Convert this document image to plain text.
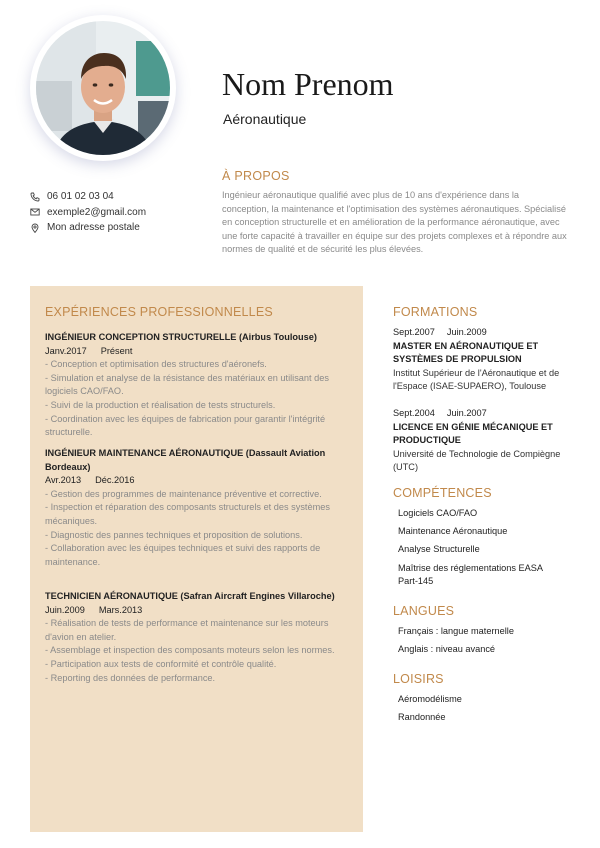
Nom Prenom
Aéronautique
06 01 02 03 04
exemple2@gmail.com
Mon adresse postale
À PROPOS
Ingénieur aéronautique qualifié avec plus de 10 ans d'expérience dans la conception, la maintenance et l'optimisation des systèmes aéronautiques. Spécialisé en conception structurelle et en amélioration de la performance aéronautique, avec une forte capacité à travailler en équipe sur des projets complexes et à répondre aux normes de qualité et de sécurité les plus élevées.
EXPÉRIENCES PROFESSIONNELLES
INGÉNIEUR CONCEPTION STRUCTURELLE (Airbus Toulouse)
Janv.2017 Présent
- Conception et optimisation des structures d'aéronefs.
- Simulation et analyse de la résistance des matériaux en utilisant des logiciels CAO/FAO.
- Suivi de la production et réalisation de tests structurels.
- Coordination avec les équipes de fabrication pour garantir l'intégrité structurelle.
INGÉNIEUR MAINTENANCE AÉRONAUTIQUE (Dassault Aviation Bordeaux)
Avr.2013 Déc.2016
- Gestion des programmes de maintenance préventive et corrective.
- Inspection et réparation des composants structurels et des systèmes mécaniques.
- Diagnostic des pannes techniques et proposition de solutions.
- Collaboration avec les équipes techniques et suivi des rapports de maintenance.
TECHNICIEN AÉRONAUTIQUE (Safran Aircraft Engines Villaroche)
Juin.2009 Mars.2013
- Réalisation de tests de performance et maintenance sur les moteurs d'avion en atelier.
- Assemblage et inspection des composants moteurs selon les normes.
- Participation aux tests de conformité et contrôle qualité.
- Reporting des données de performance.
FORMATIONS
Sept.2007 Juin.2009
MASTER EN AÉRONAUTIQUE ET SYSTÈMES DE PROPULSION
Institut Supérieur de l'Aéronautique et de l'Espace (ISAE-SUPAERO), Toulouse
Sept.2004 Juin.2007
LICENCE EN GÉNIE MÉCANIQUE ET PRODUCTIQUE
Université de Technologie de Compiègne (UTC)
COMPÉTENCES
Logiciels CAO/FAO
Maintenance Aéronautique
Analyse Structurelle
Maîtrise des réglementations EASA Part-145
LANGUES
Français : langue maternelle
Anglais : niveau avancé
LOISIRS
Aéromodélisme
Randonnée
